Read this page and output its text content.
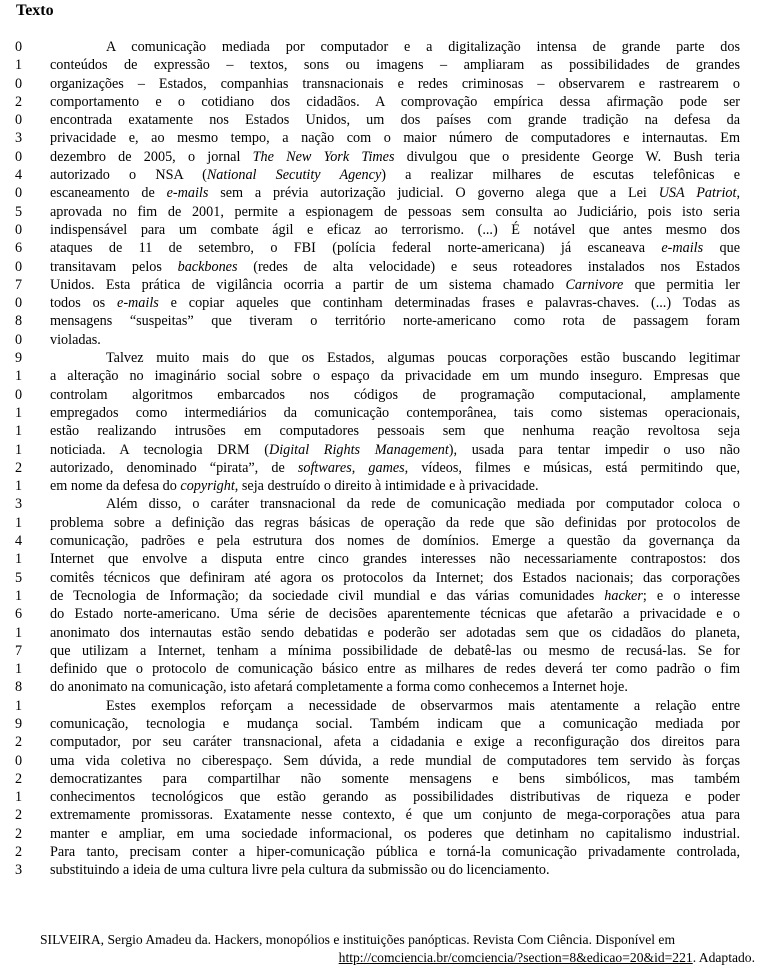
Texto
0
1
0
2
0
3
0
4
0
5
0
6
0
7
0
8
0
9
1
0
1
1
1
2
1
3
1
4
1
5
1
6
1
7
1
8
1
9
2
0
2
1
2
2
2
3
A comunicação mediada por computador e a digitalização intensa de grande parte dos
conteúdos de expressão – textos, sons ou imagens – ampliaram as possibilidades de grandes
organizações – Estados, companhias transnacionais e redes criminosas – observarem e rastrearem o
comportamento e o cotidiano dos cidadãos. A comprovação empírica dessa afirmação pode ser
encontrada exatamente nos Estados Unidos, um dos países com grande tradição na defesa da
privacidade e, ao mesmo tempo, a nação com o maior número de computadores e internautas. Em
dezembro de 2005, o jornal The New York Times divulgou que o presidente George W. Bush teria
autorizado o NSA (National Secutity Agency) a realizar milhares de escutas telefônicas e
escaneamento de e-mails sem a prévia autorização judicial. O governo alega que a Lei USA Patriot,
aprovada no fim de 2001, permite a espionagem de pessoas sem consulta ao Judiciário, pois isto seria
indispensável para um combate ágil e eficaz ao terrorismo. (...) É notável que antes mesmo dos
ataques de 11 de setembro, o FBI (polícia federal norte-americana) já escaneava e-mails que
transitavam pelos backbones (redes de alta velocidade) e seus roteadores instalados nos Estados
Unidos. Esta prática de vigilância ocorria a partir de um sistema chamado Carnivore que permitia ler
todos os e-mails e copiar aqueles que continham determinadas frases e palavras-chaves. (...) Todas as
mensagens “suspeitas” que tiveram o território norte-americano como rota de passagem foram
violadas.
Talvez muito mais do que os Estados, algumas poucas corporações estão buscando legitimar
a alteração no imaginário social sobre o espaço da privacidade em um mundo inseguro. Empresas que
controlam algoritmos embarcados nos códigos de programação computacional, amplamente
empregados como intermediários da comunicação contemporânea, tais como sistemas operacionais,
estão realizando intrusões em computadores pessoais sem que nenhuma reação revoltosa seja
noticiada. A tecnologia DRM (Digital Rights Management), usada para tentar impedir o uso não
autorizado, denominado “pirata”, de softwares, games, vídeos, filmes e músicas, está permitindo que,
em nome da defesa do copyright, seja destruído o direito à intimidade e à privacidade.
Além disso, o caráter transnacional da rede de comunicação mediada por computador coloca o
problema sobre a definição das regras básicas de operação da rede que são definidas por protocolos de
comunicação, padrões e pela estrutura dos nomes de domínios. Emerge a questão da governança da
Internet que envolve a disputa entre cinco grandes interesses não necessariamente contrapostos: dos
comitês técnicos que definiram até agora os protocolos da Internet; dos Estados nacionais; das corporações
de Tecnologia de Informação; da sociedade civil mundial e das várias comunidades hacker; e o interesse
do Estado norte-americano. Uma série de decisões aparentemente técnicas que afetarão a privacidade e o
anonimato dos internautas estão sendo debatidas e poderão ser adotadas sem que os cidadãos do planeta,
que utilizam a Internet, tenham a mínima possibilidade de debatê-las ou mesmo de recusá-las. Se for
definido que o protocolo de comunicação básico entre as milhares de redes deverá ter como padrão o fim
do anonimato na comunicação, isto afetará completamente a forma como conhecemos a Internet hoje.
Estes exemplos reforçam a necessidade de observarmos mais atentamente a relação entre
comunicação, tecnologia e mudança social. Também indicam que a comunicação mediada por
computador, por seu caráter transnacional, afeta a cidadania e exige a reconfiguração dos direitos para
uma vida coletiva no ciberespaço. Sem dúvida, a rede mundial de computadores tem servido às forças
democratizantes para compartilhar não somente mensagens e bens simbólicos, mas também
conhecimentos tecnológicos que estão gerando as possibilidades distributivas de riqueza e poder
extremamente promissoras. Exatamente nesse contexto, é que um conjunto de mega-corporações atua para
manter e ampliar, em uma sociedade informacional, os poderes que detinham no capitalismo industrial.
Para tanto, precisam conter a hiper-comunicação pública e torná-la comunicação privadamente controlada,
substituindo a ideia de uma cultura livre pela cultura da submissão ou do licenciamento.
SILVEIRA, Sergio Amadeu da. Hackers, monopólios e instituições panópticas. Revista Com Ciência. Disponível em
http://comciencia.br/comciencia/?section=8&edicao=20&id=221. Adaptado.
